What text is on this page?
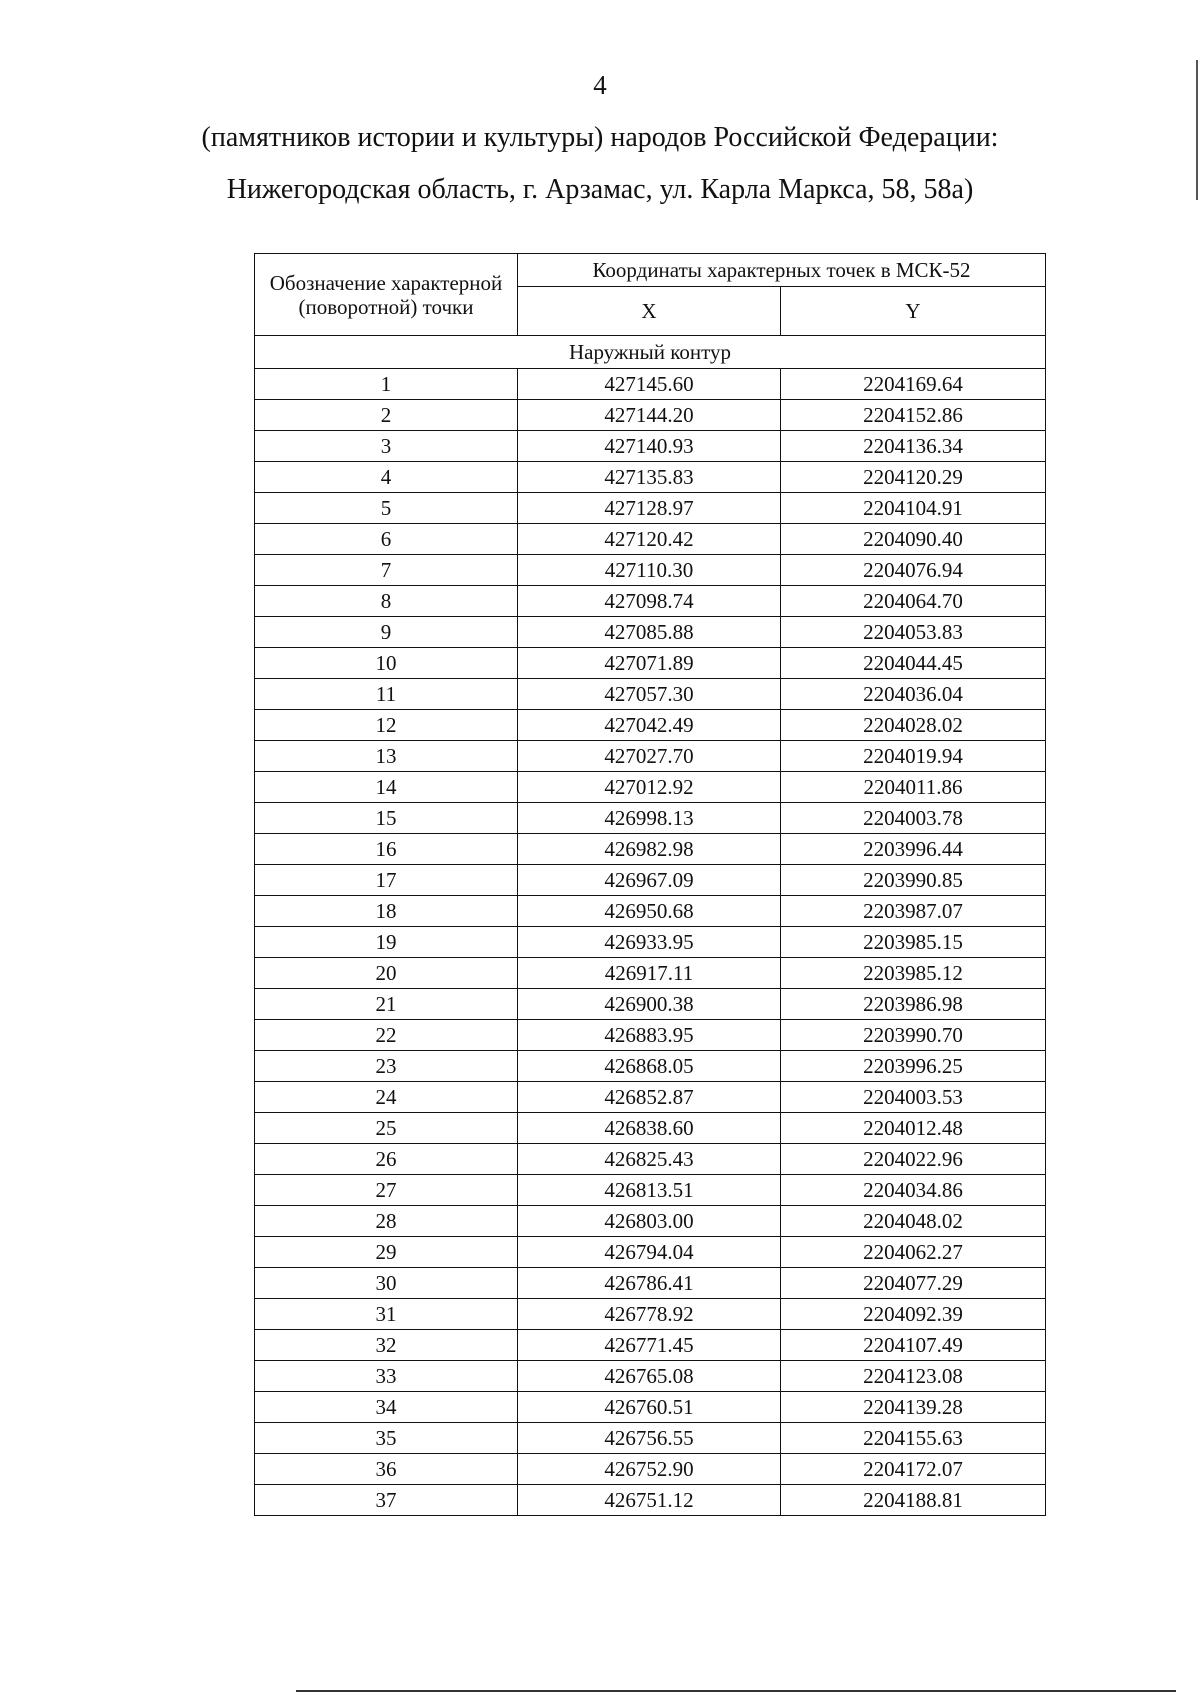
4
(памятников истории и культуры) народов Российской Федерации:
Нижегородская область, г. Арзамас, ул. Карла Маркса, 58, 58а)
Обозначение характерной (поворотной) точки	Координаты характерных точек в МСК-52	
	X	Y
Наружный контур		
1	427145.60	2204169.64
2	427144.20	2204152.86
3	427140.93	2204136.34
4	427135.83	2204120.29
5	427128.97	2204104.91
6	427120.42	2204090.40
7	427110.30	2204076.94
8	427098.74	2204064.70
9	427085.88	2204053.83
10	427071.89	2204044.45
11	427057.30	2204036.04
12	427042.49	2204028.02
13	427027.70	2204019.94
14	427012.92	2204011.86
15	426998.13	2204003.78
16	426982.98	2203996.44
17	426967.09	2203990.85
18	426950.68	2203987.07
19	426933.95	2203985.15
20	426917.11	2203985.12
21	426900.38	2203986.98
22	426883.95	2203990.70
23	426868.05	2203996.25
24	426852.87	2204003.53
25	426838.60	2204012.48
26	426825.43	2204022.96
27	426813.51	2204034.86
28	426803.00	2204048.02
29	426794.04	2204062.27
30	426786.41	2204077.29
31	426778.92	2204092.39
32	426771.45	2204107.49
33	426765.08	2204123.08
34	426760.51	2204139.28
35	426756.55	2204155.63
36	426752.90	2204172.07
37	426751.12	2204188.81
